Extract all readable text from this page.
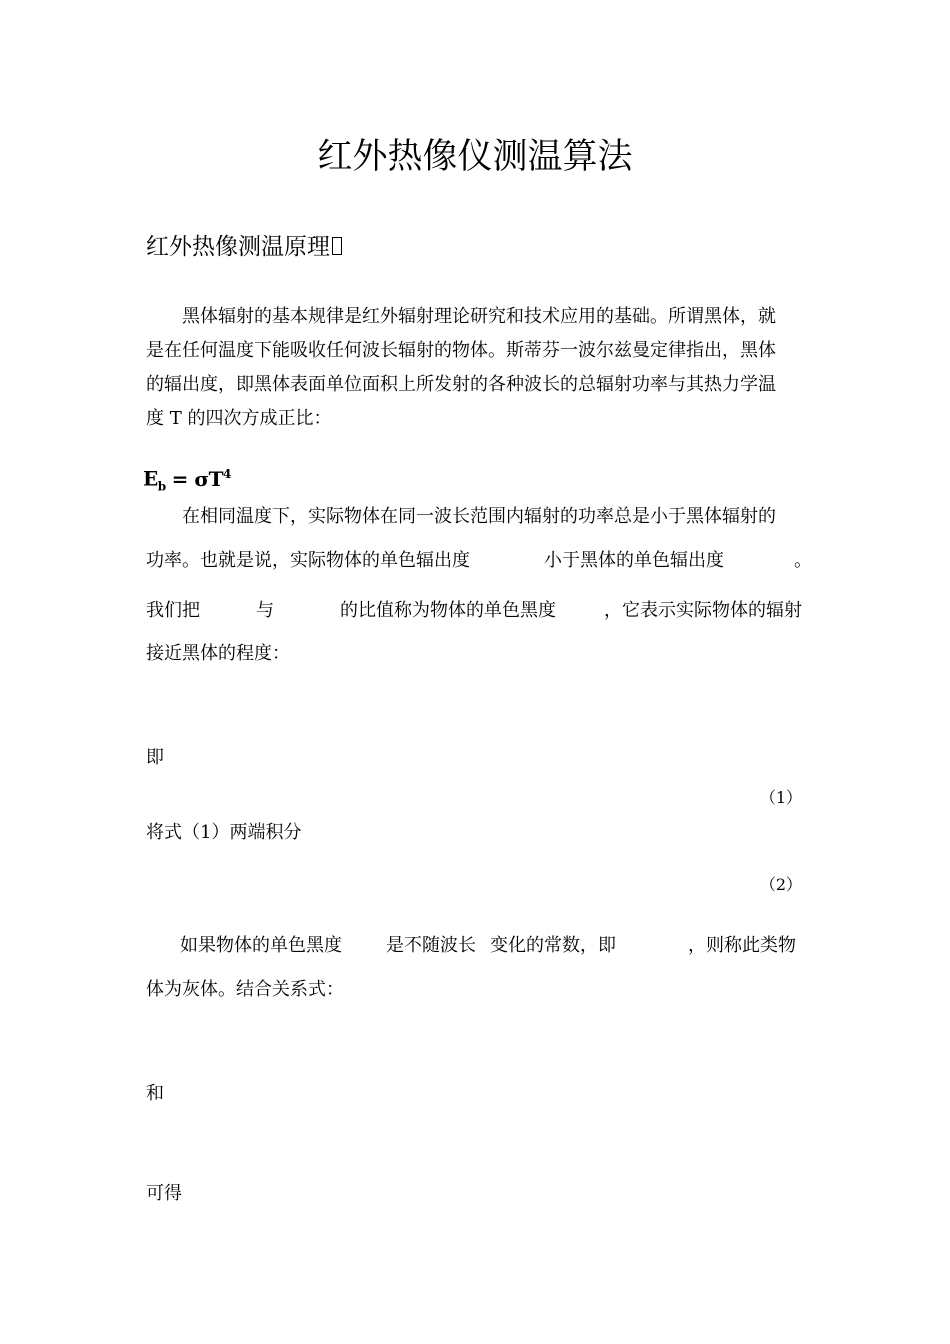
红外热像仪测温算法
红外热像测温原理
黑体辐射的基本规律是红外辐射理论研究和技术应用的基础。所谓黑体，就
是在任何温度下能吸收任何波长辐射的物体。斯蒂芬一波尔兹曼定律指出，黑体
的辐出度，即黑体表面单位面积上所发射的各种波长的总辐射功率与其热力学温
度 T 的四次方成正比：
$E_b = \sigma T^4$
在相同温度下，实际物体在同一波长范围内辐射的功率总是小于黑体辐射的
功率。也就是说，实际物体的单色辐出度	小于黑体的单色辐出度	。
我们把	与	的比值称为物体的单色黑度	，它表示实际物体的辐射
接近黑体的程度：
即
（1）
将式（1）两端积分
（2）
如果物体的单色黑度 是不随波长 变化的常数，即	，则称此类物
体为灰体。结合关系式：
和
可得
